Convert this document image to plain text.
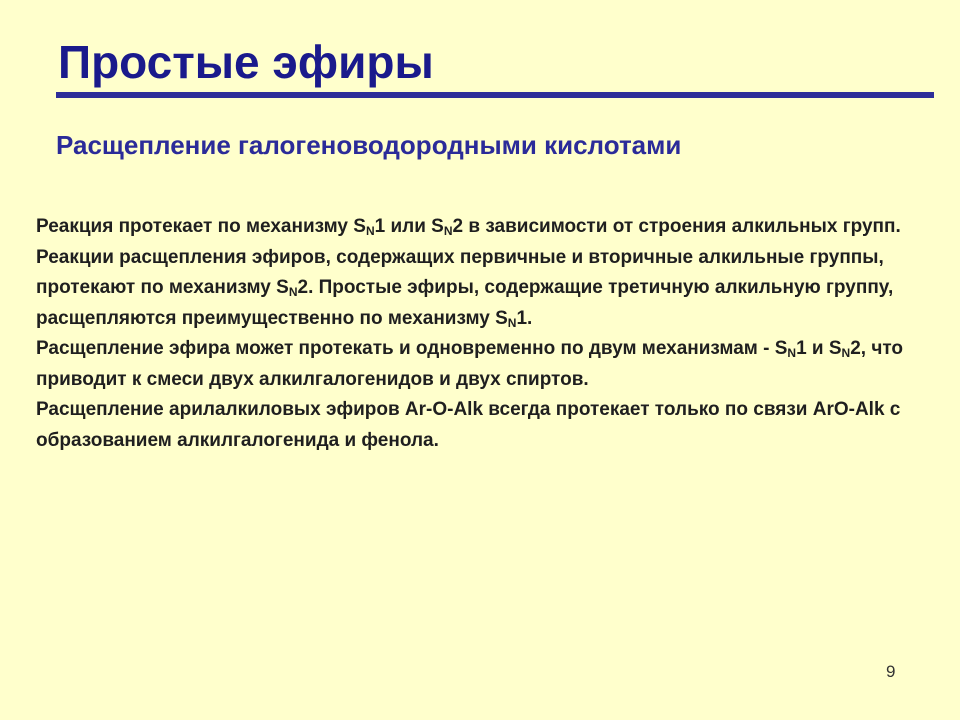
Простые эфиры
Расщепление галогеноводородными кислотами

Реакция протекает по механизму $S_N1$ или $S_N2$ в зависимости от строения алкильных групп. Реакции расщепления эфиров, содержащих первичные и вторичные алкильные группы, протекают по механизму $S_N2$. Простые эфиры, содержащие третичную алкильную группу, расщепляются преимущественно по механизму $S_N1$.

Расщепление эфира может протекать и одновременно по двум механизмам - $S_N1$ и $S_N2$, что приводит к смеси двух алкилгалогенидов и двух спиртов.

Расщепление арилалкиловых эфиров Ar-O-Alk всегда протекает только по связи ArO-Alk с образованием алкилгалогенида и фенола.

9
